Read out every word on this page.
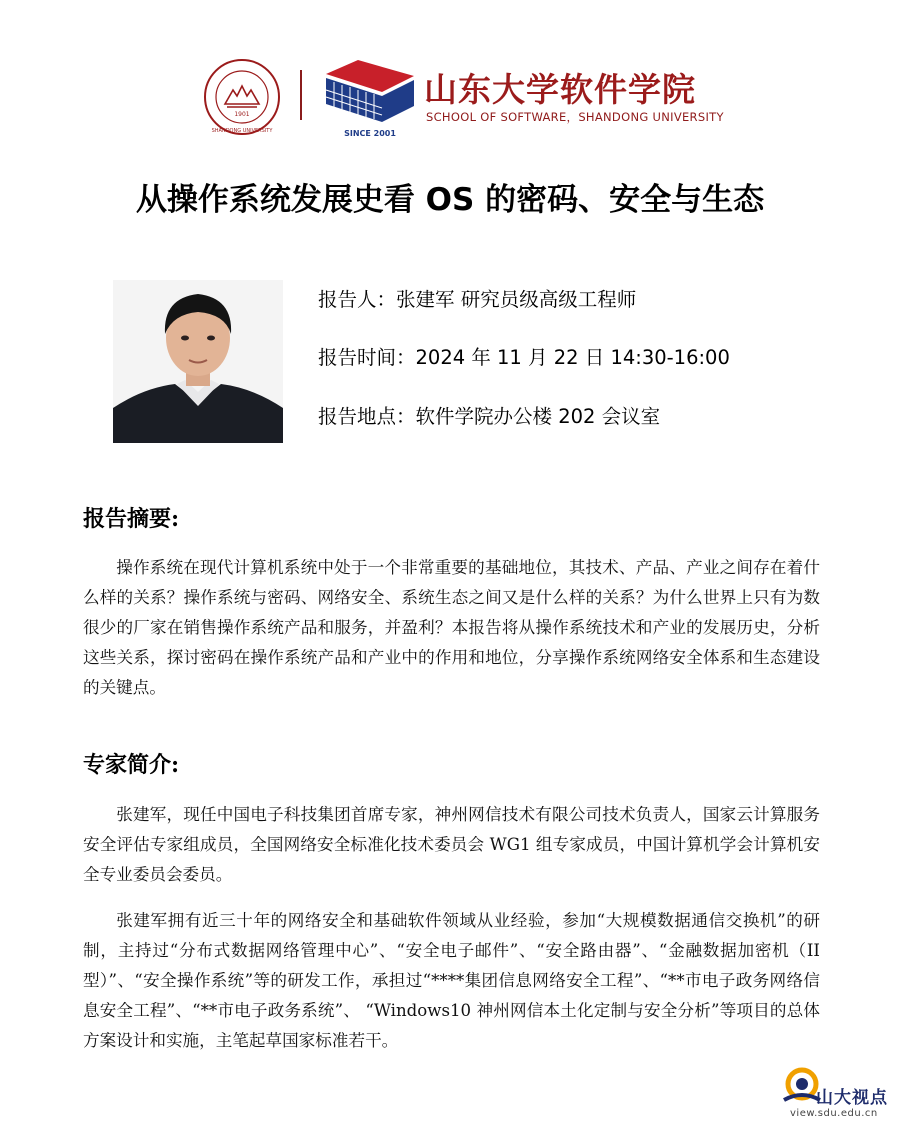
1901
SHANDONG UNIVERSITY	SINCE 2001
山东大学软件学院
SCHOOL OF SOFTWARE，SHANDONG UNIVERSITY
从操作系统发展史看 OS 的密码、安全与生态
报告人：张建军 研究员级高级工程师
报告时间：2024 年 11 月 22 日 14:30-16:00
报告地点：软件学院办公楼 202 会议室
报告摘要:
操作系统在现代计算机系统中处于一个非常重要的基础地位，其技术、产品、产业之间存在着什么样的关系？操作系统与密码、网络安全、系统生态之间又是什么样的关系？为什么世界上只有为数很少的厂家在销售操作系统产品和服务，并盈利？本报告将从操作系统技术和产业的发展历史，分析这些关系，探讨密码在操作系统产品和产业中的作用和地位，分享操作系统网络安全体系和生态建设的关键点。
专家简介:
张建军，现任中国电子科技集团首席专家，神州网信技术有限公司技术负责人，国家云计算服务安全评估专家组成员，全国网络安全标准化技术委员会 WG1 组专家成员，中国计算机学会计算机安全专业委员会委员。
张建军拥有近三十年的网络安全和基础软件领域从业经验，参加“大规模数据通信交换机”的研制，主持过“分布式数据网络管理中心”、“安全电子邮件”、“安全路由器”、“金融数据加密机（II 型）”、“安全操作系统”等的研发工作，承担过“****集团信息网络安全工程”、“**市电子政务网络信息安全工程”、“**市电子政务系统”、 “Windows10 神州网信本土化定制与安全分析”等项目的总体方案设计和实施，主笔起草国家标准若干。
山大视点
view.sdu.edu.cn
